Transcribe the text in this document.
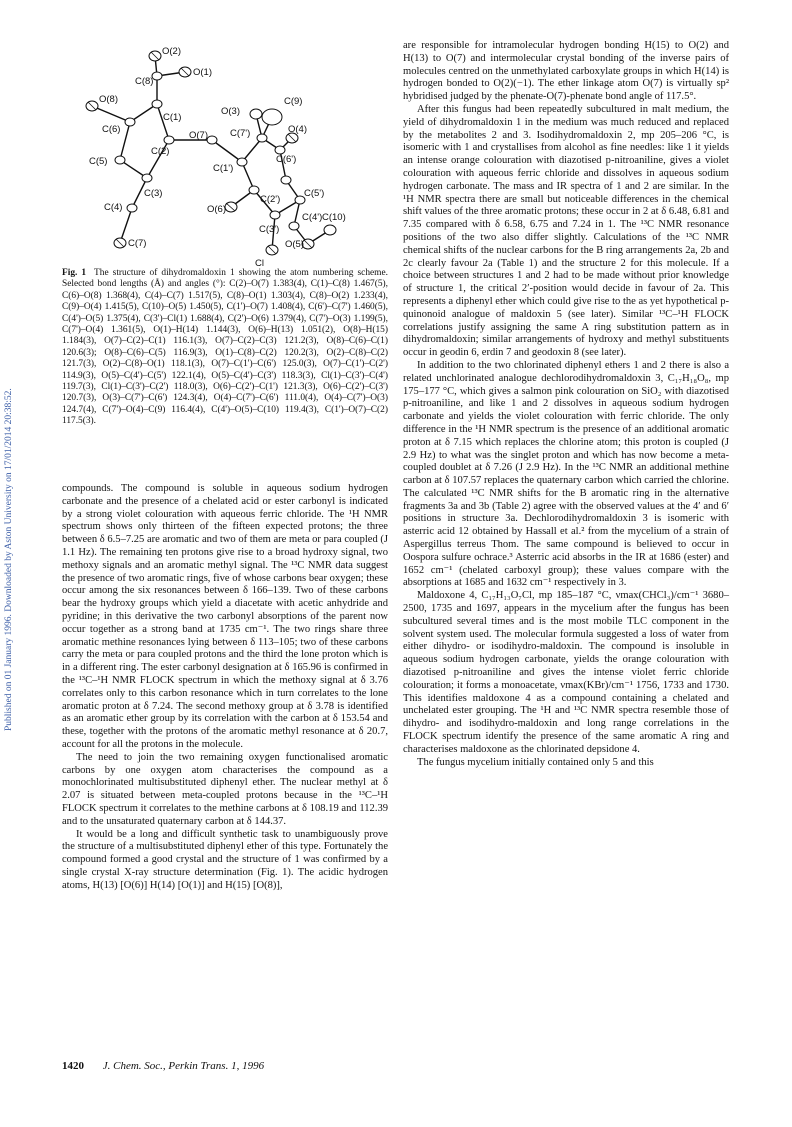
Published on 01 January 1996. Downloaded by Aston University on 17/01/2014 20:38:52.
O(2)
O(1)
C(8)
O(8)
C(1)
O(3)
C(9)
C(6)
O(7) C(7')	O(4)
C(2)
C(1')
C(6')
C(5)
C(3)	C(5')
C(2')
C(4')
C(4)	O(6)
C(3')
C(10)
O(5)
C(7)
Cl
Fig. 1 The structure of dihydromaldoxin 1 showing the atom numbering scheme. Selected bond lengths (Å) and angles (°): C(2)–O(7) 1.383(4), C(1)–C(8) 1.467(5), C(6)–O(8) 1.368(4), C(4)–C(7) 1.517(5), C(8)–O(1) 1.303(4), C(8)–O(2) 1.233(4), C(9)–O(4) 1.415(5), C(10)–O(5) 1.450(5), C(1')–O(7) 1.408(4), C(6')–C(7') 1.460(5), C(4')–O(5) 1.375(4), C(3')–Cl(1) 1.688(4), C(2')–O(6) 1.379(4), C(7')–O(3) 1.199(5), C(7')–O(4) 1.361(5), O(1)–H(14) 1.144(3), O(6)–H(13) 1.051(2), O(8)–H(15) 1.184(3), O(7)–C(2)–C(1) 116.1(3), O(7)–C(2)–C(3) 121.2(3), O(8)–C(6)–C(1) 120.6(3); O(8)–C(6)–C(5) 116.9(3), O(1)–C(8)–C(2) 120.2(3), O(2)–C(8)–C(2) 121.7(3), O(2)–C(8)–O(1) 118.1(3), O(7)–C(1')–C(6') 125.0(3), O(7)–C(1')–C(2') 114.9(3), O(5)–C(4')–C(5') 122.1(4), O(5)–C(4')–C(3') 118.3(3), Cl(1)–C(3')–C(4') 119.7(3), Cl(1)–C(3')–C(2') 118.0(3), O(6)–C(2')–C(1') 121.3(3), O(6)–C(2')–C(3') 120.7(3), O(3)–C(7')–C(6') 124.3(4), O(4)–C(7')–C(6') 111.0(4), O(4)–C(7')–O(3) 124.7(4), C(7')–O(4)–C(9) 116.4(4), C(4')–O(5)–C(10) 119.4(3), C(1')–O(7)–C(2) 117.5(3).

compounds. The compound is soluble in aqueous sodium hydrogen carbonate and the presence of a chelated acid or ester carbonyl is indicated by a strong violet colouration with aqueous ferric chloride. The ¹H NMR spectrum shows only thirteen of the fifteen expected protons; the three between δ 6.5–7.25 are aromatic and two of them are meta or para coupled (J 1.1 Hz). The remaining ten protons give rise to a broad hydroxy signal, two methoxy signals and an aromatic methyl signal. The ¹³C NMR data suggest the presence of two aromatic rings, five of whose carbons bear oxygen; these occur among the six resonances between δ 166–139. Two of these carbons bear the hydroxy groups which yield a diacetate with acetic anhydride and pyridine; in this derivative the two carbonyl absorptions of the parent now occur together as a strong band at 1735 cm⁻¹. The two rings share three aromatic methine resonances lying between δ 113–105; two of these carbons carry the meta or para coupled protons and the third the lone proton which is in a different ring. The ester carbonyl designation at δ 165.96 is confirmed in the ¹³C–¹H NMR FLOCK spectrum in which the methoxy signal at δ 3.76 correlates only to this carbon resonance which in turn correlates to the lone aromatic proton at δ 7.24. The second methoxy group at δ 3.78 is identified as an aromatic ether group by its correlation with the carbon at δ 153.54 and these, together with the protons of the aromatic methyl resonance at δ 20.7, account for all the protons in the molecule.

The need to join the two remaining oxygen functionalised aromatic carbons by one oxygen atom characterises the compound as a monochlorinated multisubstituted diphenyl ether. The nuclear methyl at δ 2.07 is situated between meta-coupled protons because in the ¹³C–¹H FLOCK spectrum it correlates to the methine carbons at δ 108.19 and 112.39 and to the unsaturated quaternary carbon at δ 144.37.

It would be a long and difficult synthetic task to unambiguously prove the structure of a multisubstituted diphenyl ether of this type. Fortunately the compound formed a good crystal and the structure of 1 was confirmed by a single crystal X-ray structure determination (Fig. 1). The acidic hydrogen atoms, H(13) [O(6)] H(14) [O(1)] and H(15) [O(8)],

are responsible for intramolecular hydrogen bonding H(15) to O(2) and H(13) to O(7) and intermolecular crystal bonding of the inverse pairs of molecules centred on the unmethylated carboxylate groups in which H(14) is hydrogen bonded to O(2)(−1). The ether linkage atom O(7) is virtually sp² hybridised judged by the phenate-O(7)-phenate bond angle of 117.5°.

After this fungus had been repeatedly subcultured in malt medium, the yield of dihydromaldoxin 1 in the medium was much reduced and replaced by the metabolites 2 and 3. Isodihydromaldoxin 2, mp 205–206 °C, is isomeric with 1 and crystallises from alcohol as fine needles: like 1 it yields an intense orange colouration with diazotised p-nitroaniline, gives a violet colouration with aqueous ferric chloride and dissolves in aqueous sodium hydrogen carbonate. The mass and IR spectra of 1 and 2 are similar. In the ¹H NMR spectra there are small but noticeable differences in the chemical shift values of the three aromatic protons; these occur in 2 at δ 6.48, 6.81 and 7.35 compared with δ 6.58, 6.75 and 7.24 in 1. The ¹³C NMR resonance positions of the two also differ slightly. Calculations of the ¹³C NMR chemical shifts of the nuclear carbons for the B ring arrangements 2a, 2b and 2c clearly favour 2a (Table 1) and the structure 2 for this molecule. If a choice between structures 1 and 2 had to be made without prior knowledge of structure 1, the critical 2′-position would decide in favour of 2a. This represents a diphenyl ether which could give rise to the as yet hypothetical p-quinonoid analogue of maldoxin 5 (see later). Similar ¹³C–¹H FLOCK correlations justify assigning the same A ring substitution pattern as in dihydromaldoxin; similar arrangements of hydroxy and methyl substituents occur in geodin 6, erdin 7 and geodoxin 8 (see later).

In addition to the two chlorinated diphenyl ethers 1 and 2 there is also a related unchlorinated analogue dechlorodihydromaldoxin 3, C₁₇H₁₈O₈, mp 175–177 °C, which gives a salmon pink colouration on SiO₂ with diazotised p-nitroaniline, and like 1 and 2 dissolves in aqueous sodium hydrogen carbonate and yields the violet colouration with ferric chloride. The only difference in the ¹H NMR spectrum is the presence of an additional aromatic proton at δ 7.15 which replaces the chlorine atom; this proton is coupled (J 2.9 Hz) to what was the singlet proton and which has now become a meta-coupled doublet at δ 7.26 (J 2.9 Hz). In the ¹³C NMR an additional methine carbon at δ 107.57 replaces the quaternary carbon which carried the chlorine. The calculated ¹³C NMR shifts for the B aromatic ring in the alternative fragments 3a and 3b (Table 2) agree with the observed values at the 4′ and 6′ positions in structure 3a. Dechlorodihydromaldoxin 3 is isomeric with asterric acid 12 obtained by Hassall et al.² from the mycelium of a strain of Aspergillus terreus Thom. The same compound is believed to occur in Oospora sulfure ochrace.³ Asterric acid absorbs in the IR at 1686 (ester) and 1652 cm⁻¹ (chelated carboxyl group); these values compare with the absorptions at 1685 and 1632 cm⁻¹ respectively in 3.

Maldoxone 4, C₁₇H₁₃O₇Cl, mp 185–187 °C, νmax(CHCl₃)/cm⁻¹ 3680–2500, 1735 and 1697, appears in the mycelium after the fungus has been subcultured several times and is the most mobile TLC component in the solvent system used. The molecular formula suggested a loss of water from either dihydro- or isodihydro-maldoxin. The compound is insoluble in aqueous sodium hydrogen carbonate, yields the orange colouration with diazotised p-nitroaniline and gives the intense violet ferric chloride colouration; it forms a monoacetate, νmax(KBr)/cm⁻¹ 1756, 1733 and 1730. This identifies maldoxone 4 as a compound containing a chelated and unchelated ester grouping. The ¹H and ¹³C NMR spectra resemble those of dihydro- and isodihydro-maldoxin and long range correlations in the FLOCK spectrum identify the presence of the same aromatic A ring and characterises maldoxone as the chlorinated depsidone 4.

The fungus mycelium initially contained only 5 and this

1420 J. Chem. Soc., Perkin Trans. 1, 1996
